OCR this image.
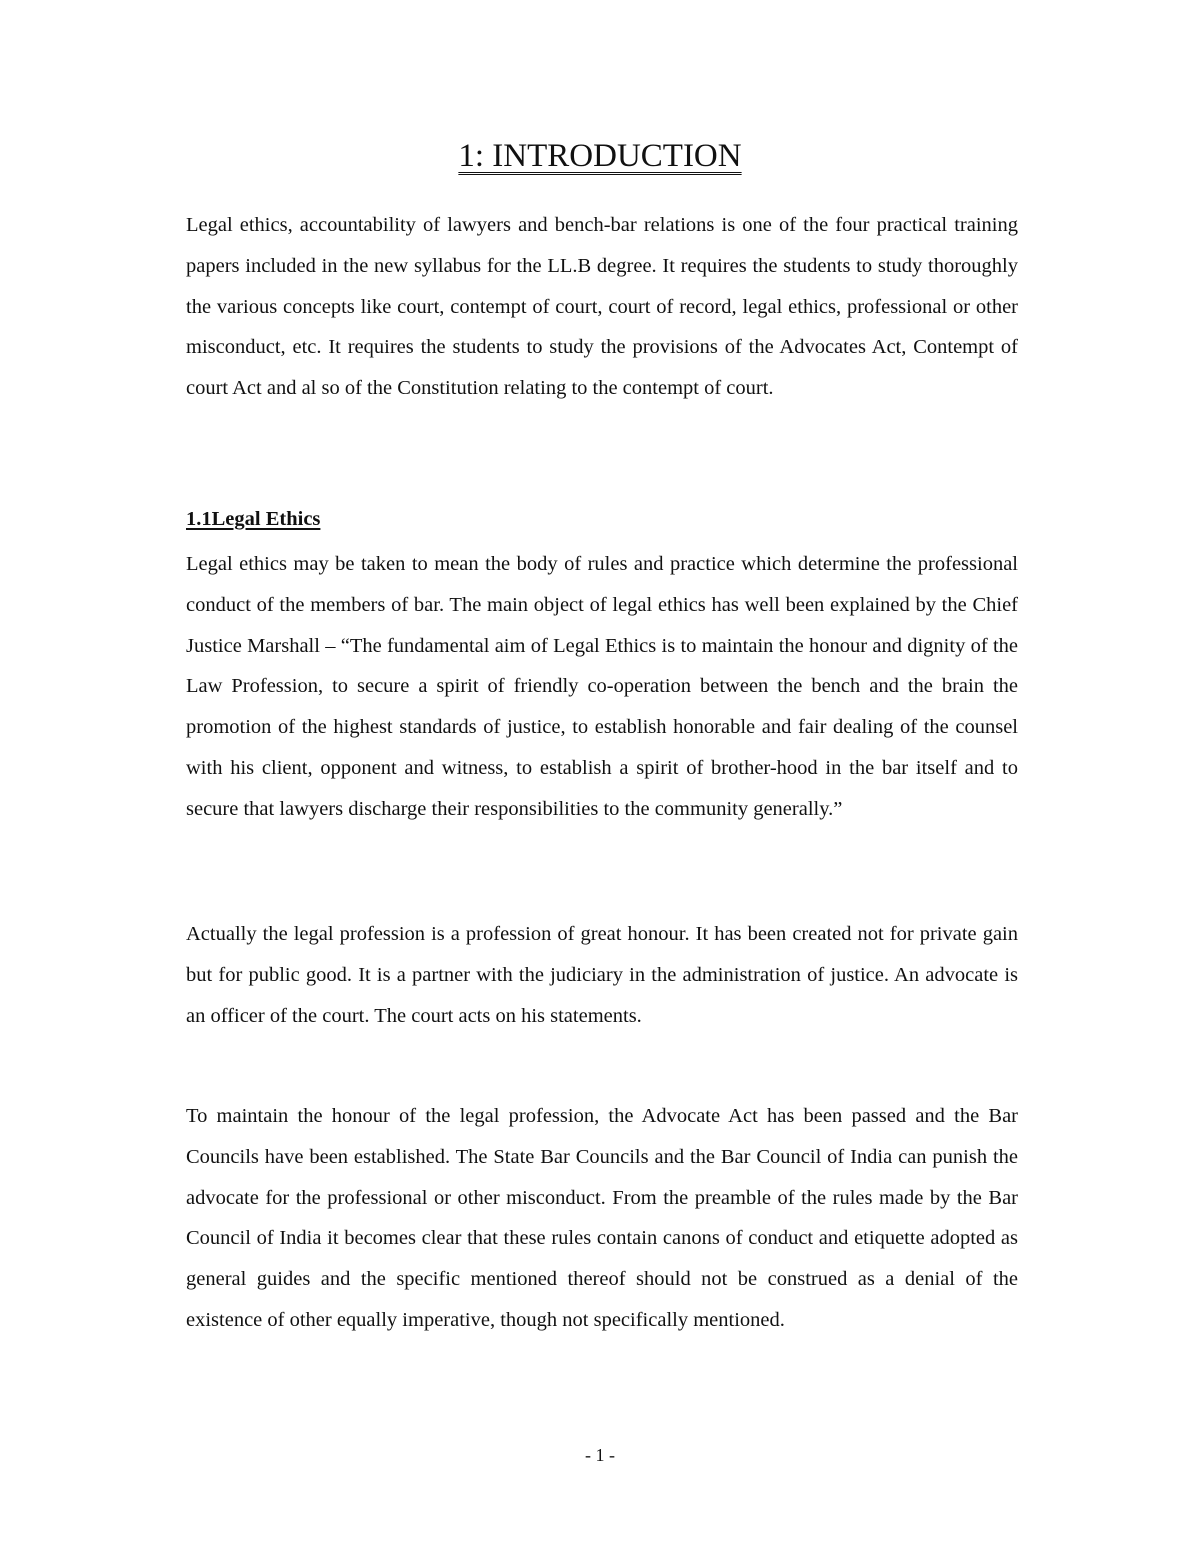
1: INTRODUCTION

Legal ethics, accountability of lawyers and bench-bar relations is one of the four practical training papers included in the new syllabus for the LL.B degree. It requires the students to study thoroughly the various concepts like court, contempt of court, court of record, legal ethics, professional or other misconduct, etc. It requires the students to study the provisions of the Advocates Act, Contempt of court Act and al so of the Constitution relating to the contempt of court.

1.1Legal Ethics

Legal ethics may be taken to mean the body of rules and practice which determine the professional conduct of the members of bar. The main object of legal ethics has well been explained by the Chief Justice Marshall – “The fundamental aim of Legal Ethics is to maintain the honour and dignity of the Law Profession, to secure a spirit of friendly co-operation between the bench and the brain the promotion of the highest standards of justice, to establish honorable and fair dealing of the counsel with his client, opponent and witness, to establish a spirit of brother-hood in the bar itself and to secure that lawyers discharge their responsibilities to the community generally.”

Actually the legal profession is a profession of great honour. It has been created not for private gain but for public good. It is a partner with the judiciary in the administration of justice. An advocate is an officer of the court. The court acts on his statements.

To maintain the honour of the legal profession, the Advocate Act has been passed and the Bar Councils have been established. The State Bar Councils and the Bar Council of India can punish the advocate for the professional or other misconduct. From the preamble of the rules made by the Bar Council of India it becomes clear that these rules contain canons of conduct and etiquette adopted as general guides and the specific mentioned thereof should not be construed as a denial of the existence of other equally imperative, though not specifically mentioned.

- 1 -
